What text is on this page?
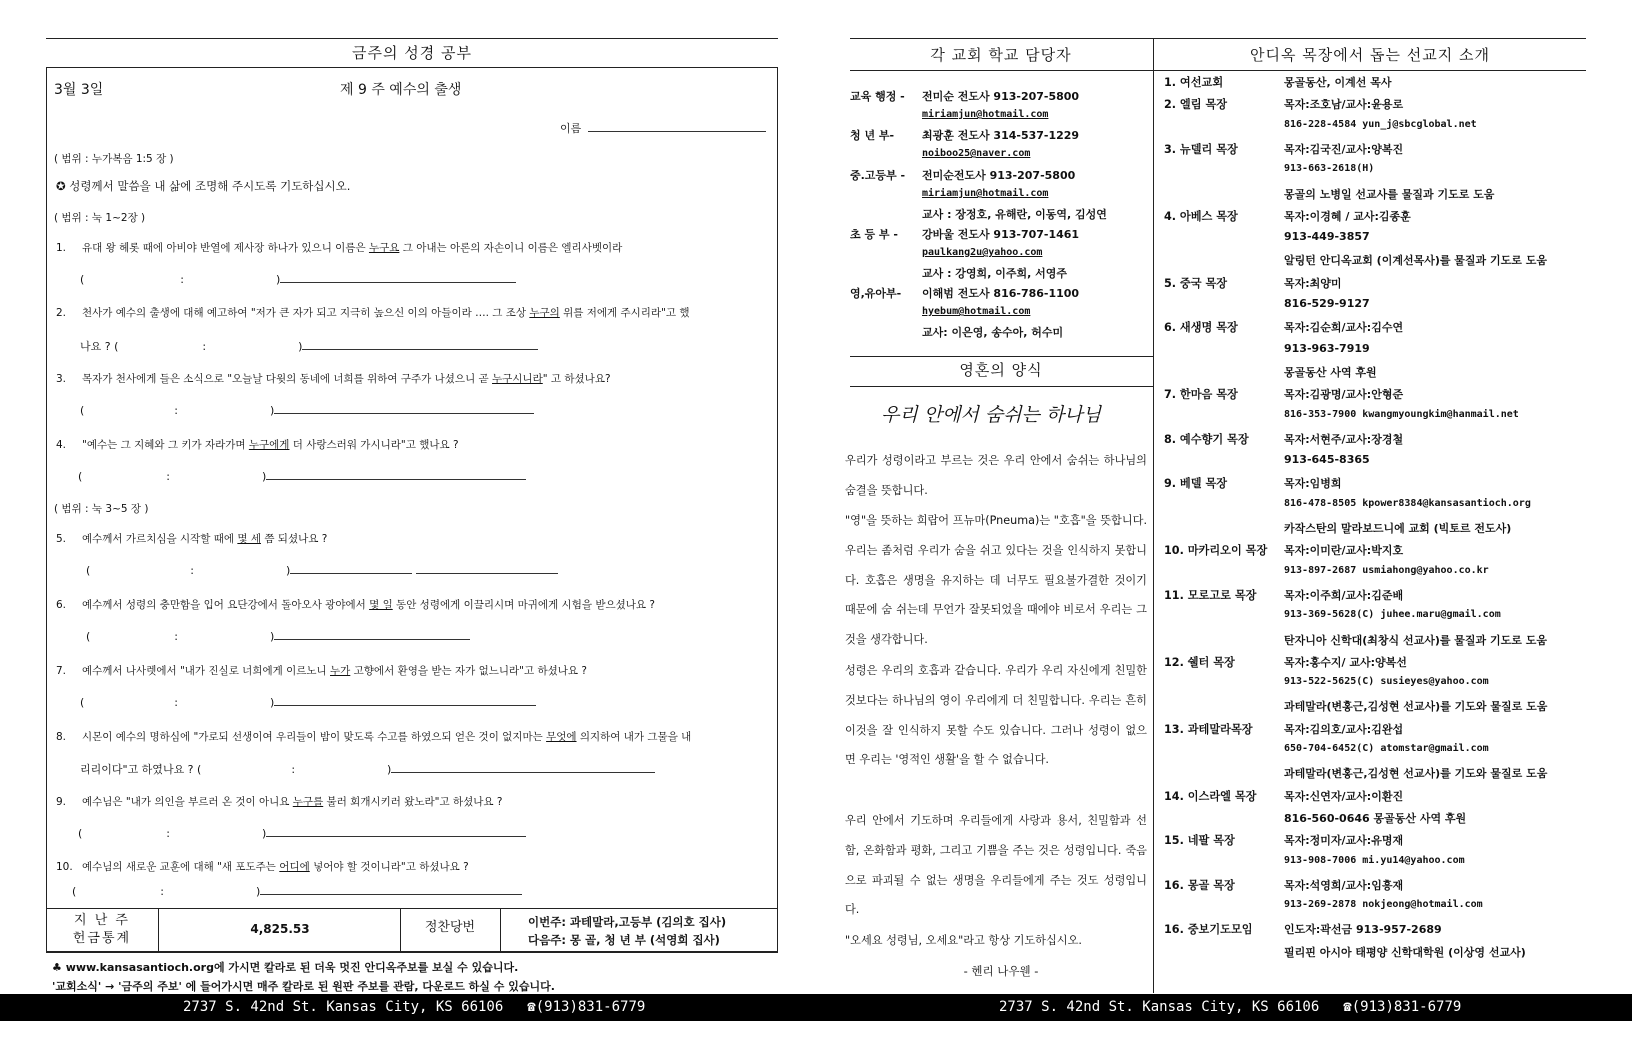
금주의 성경 공부
3월 3일	제 9 주 예수의 출생
이름
( 범위 : 누가복음 1:5 장 )
✪ 성령께서 말씀을 내 삶에 조명해 주시도록 기도하십시오.
( 범위 : 눅 1~2장 )
1. 유대 왕 헤롯 때에 아비야 반열에 제사장 하나가 있으니 이름은 누구요 그 아내는 아론의 자손이니 이름은 엘리사벳이라
(	:	)
2. 천사가 예수의 출생에 대해 예고하여 "저가 큰 자가 되고 지극히 높으신 이의 아들이라 …. 그 조상 누구의 위를 저에게 주시리라"고 했
나요 ? (	:	)
3. 목자가 천사에게 들은 소식으로 "오늘날 다윗의 동네에 너희를 위하여 구주가 나셨으니 곧 누구시니라" 고 하셨나요?
(	:	)
4. "예수는 그 지혜와 그 키가 자라가며 누구에게 더 사랑스러워 가시니라"고 했나요 ?
(	:	)
( 범위 : 눅 3~5 장 )
5. 예수께서 가르치심을 시작할 때에 몇 세 쯤 되셨나요 ?
(	:	)
6. 예수께서 성령의 충만함을 입어 요단강에서 돌아오사 광야에서 몇 일 동안 성령에게 이끌리시며 마귀에게 시험을 받으셨나요 ?
(	:	)
7. 예수께서 나사렛에서 "내가 진실로 너희에게 이르노니 누가 고향에서 환영을 받는 자가 없느니라"고 하셨나요 ?
(	:	)
8. 시몬이 예수의 명하심에 "가로되 선생이여 우리들이 밤이 맞도록 수고를 하였으되 얻은 것이 없지마는 무엇에 의지하여 내가 그물을 내
리리이다"고 하였나요 ? (	:	)
9. 예수님은 "내가 의인을 부르러 온 것이 아니요 누구를 불러 회개시키러 왔노라"고 하셨나요 ?
(	:	)
10. 예수님의 새로운 교훈에 대해 "새 포도주는 어디에 넣어야 할 것이니라"고 하셨나요 ?
(	:	)
지 난 주
헌금통계
4,825.53	정찬당번	이번주: 과테말라,고등부 (김의호 집사)
다음주: 몽 골, 청 년 부 (석영희 집사)
♣ www.kansasantioch.org에 가시면 칼라로 된 더욱 멋진 안디옥주보를 보실 수 있습니다.
'교회소식' → '금주의 주보' 에 들어가시면 매주 칼라로 된 원판 주보를 관람, 다운로드 하실 수 있습니다.
각 교회 학교 담당자	안디옥 목장에서 돕는 선교지 소개
교육 행정 - 전미순 전도사 913-207-5800
miriamjun@hotmail.com
청 년 부-	최광훈 전도사 314-537-1229
noiboo25@naver.com
중.고등부 - 전미순전도사 913-207-5800
miriamjun@hotmail.com
교사 : 장정호, 유해란, 이동역, 김성연
초 등 부 - 강바울 전도사 913-707-1461
paulkang2u@yahoo.com
교사 : 강영희, 이주희, 서영주
영,유아부- 이해범 전도사 816-786-1100
hyebum@hotmail.com
교사: 이은영, 송수아, 허수미
영혼의 양식
우리 안에서 숨쉬는 하나님
우리가 성령이라고 부르는 것은 우리 안에서 숨쉬는 하나님의 숨결을 뜻합니다.
"영"을 뜻하는 희랍어 프뉴마(Pneuma)는 "호흡"을 뜻합니다. 우리는 좀처럼 우리가 숨을 쉬고 있다는 것을 인식하지 못합니다. 호흡은 생명을 유지하는 데 너무도 필요불가결한 것이기 때문에 숨 쉬는데 무언가 잘못되었을 때에야 비로서 우리는 그것을 생각합니다.
성령은 우리의 호흡과 같습니다. 우리가 우리 자신에게 친밀한 것보다는 하나님의 영이 우리에게 더 친밀합니다. 우리는 흔히 이것을 잘 인식하지 못할 수도 있습니다. 그러나 성령이 없으면 우리는 '영적인 생활'을 할 수 없습니다.
우리 안에서 기도하며 우리들에게 사랑과 용서, 친밀함과 선함, 온화함과 평화, 그리고 기쁨을 주는 것은 성령입니다. 죽음으로 파괴될 수 없는 생명을 우리들에게 주는 것도 성령입니다.
"오세요 성령님, 오세요"라고 항상 기도하십시오.
- 헨리 나우웬 -
1. 여선교회	몽골동산, 이계선 목사
2. 엘림 목장	목자:조호남/교사:윤용로
816-228-4584 yun_j@sbcglobal.net
3. 뉴델리 목장	목자:김국진/교사:양복진
913-663-2618(H)
몽골의 노병일 선교사를 물질과 기도로 도움
4. 아베스 목장	목자:이경혜 / 교사:김종훈
913-449-3857
알링턴 안디옥교회 (이계선목사)를 물질과 기도로 도움
5. 중국 목장	목자:최양미
816-529-9127
6. 새생명 목장	목자:김순희/교사:김수연
913-963-7919
몽골동산 사역 후원
7. 한마음 목장	목자:김광명/교사:안형준
816-353-7900 kwangmyoungkim@hanmail.net
8. 예수향기 목장	목자:서현주/교사:장경철
913-645-8365
9. 베델 목장	목자:임병희
816-478-8505 kpower8384@kansasantioch.org
카작스탄의 말라보드니에 교회 (빅토르 전도사)
10. 마카리오이 목장 목자:이미란/교사:박지호
913-897-2687 usmiahong@yahoo.co.kr
11. 모로고로 목장	목자:이주희/교사:김준배
913-369-5628(C) juhee.maru@gmail.com
탄자니아 신학대(최창식 선교사)를 물질과 기도로 도움
12. 쉘터 목장	목자:홍수지/ 교사:양복선
913-522-5625(C) susieyes@yahoo.com
과테말라(변홍근,김성현 선교사)를 기도와 물질로 도움
13. 과테말라목장	목자:김의호/교사:김완섭
650-704-6452(C) atomstar@gmail.com
과테말라(변홍근,김성현 선교사)를 기도와 물질로 도움
14. 이스라엘 목장	목자:신연자/교사:이환진
816-560-0646 몽골동산 사역 후원
15. 네팔 목장	목자:정미자/교사:유명재
913-908-7006 mi.yu14@yahoo.com
16. 몽골 목장	목자:석영희/교사:임흥재
913-269-2878 nokjeong@hotmail.com
16. 중보기도모임	인도자:곽선금 913-957-2689
필리핀 아시아 태평양 신학대학원 (이상영 선교사)
2737 S. 42nd St. Kansas City, KS 66106 ☎(913)831-6779	2737 S. 42nd St. Kansas City, KS 66106 ☎(913)831-6779
